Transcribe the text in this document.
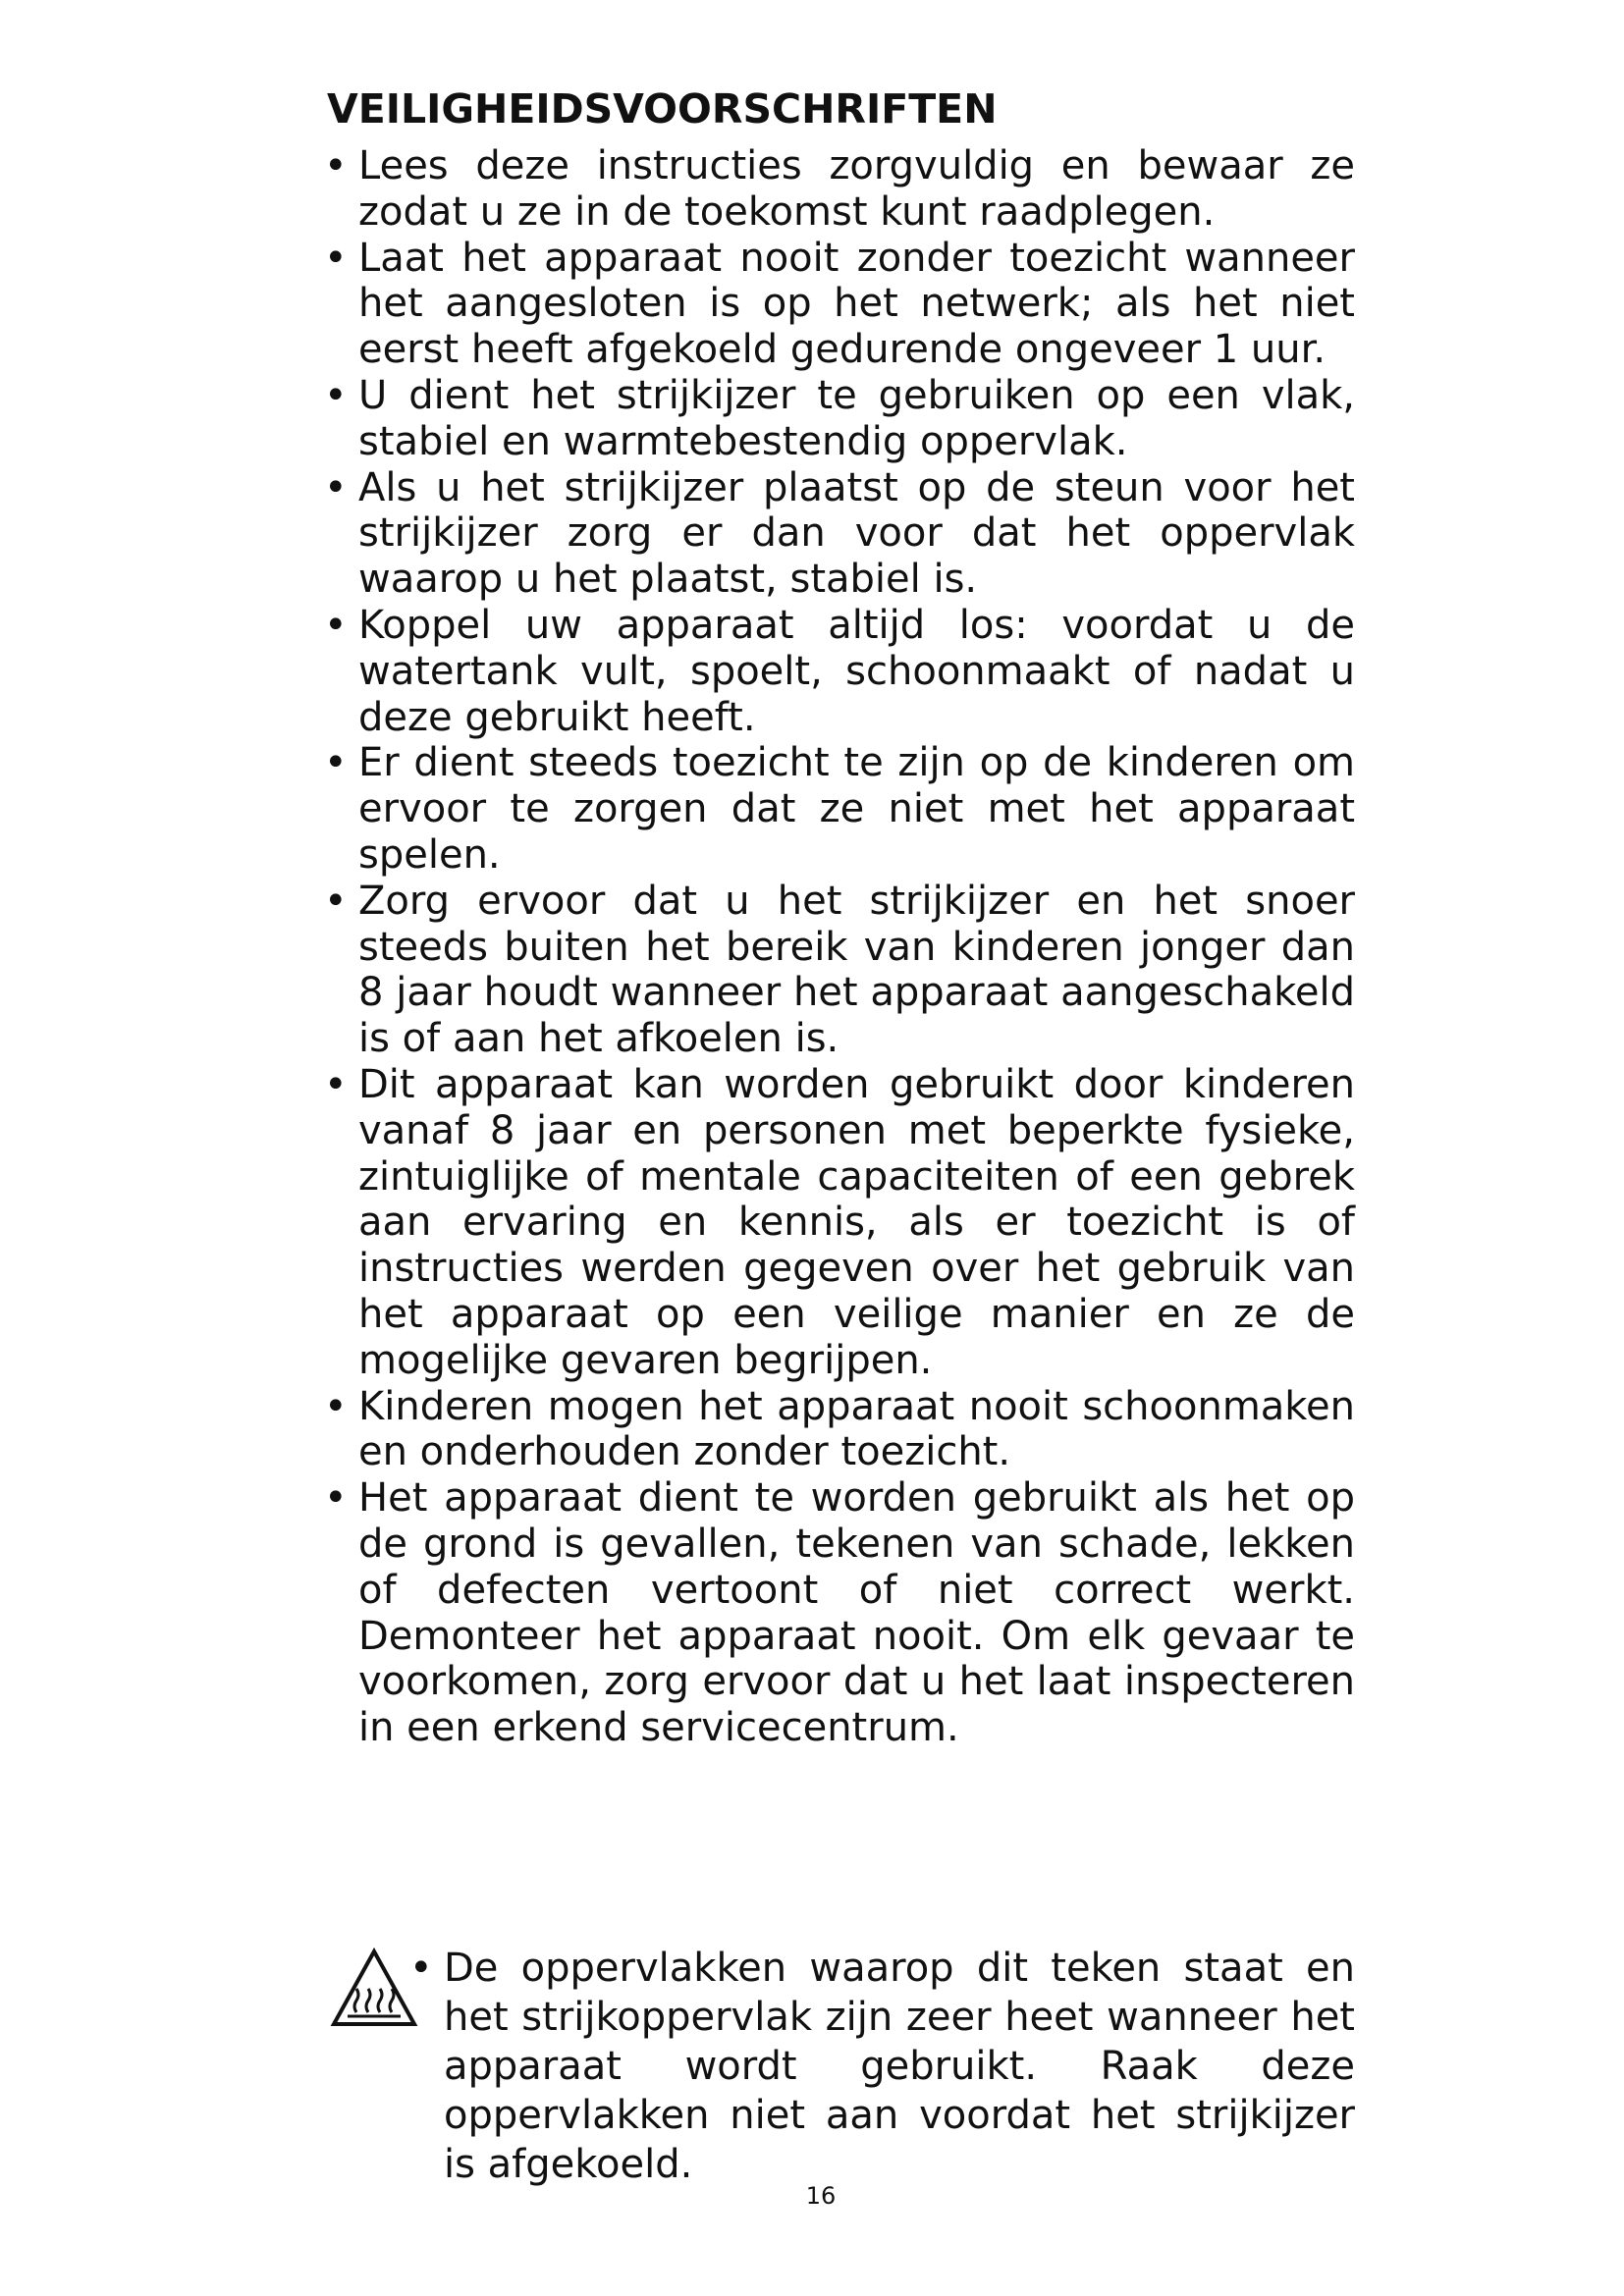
VEILIGHEIDSVOORSCHRIFTEN
• Lees deze instructies zorgvuldig en bewaar ze zodat u ze in de toekomst kunt raadplegen.
• Laat het apparaat nooit zonder toezicht wanneer het aangesloten is op het netwerk; als het niet eerst heeft afgekoeld gedurende ongeveer 1 uur.
• U dient het strijkijzer te gebruiken op een vlak, stabiel en warmtebestendig oppervlak.
• Als u het strijkijzer plaatst op de steun voor het strijkijzer zorg er dan voor dat het oppervlak waarop u het plaatst, stabiel is.
• Koppel uw apparaat altijd los: voordat u de watertank vult, spoelt, schoonmaakt of nadat u deze gebruikt heeft.
• Er dient steeds toezicht te zijn op de kinderen om ervoor te zorgen dat ze niet met het apparaat spelen.
• Zorg ervoor dat u het strijkijzer en het snoer steeds buiten het bereik van kinderen jonger dan 8 jaar houdt wanneer het apparaat aangeschakeld is of aan het afkoelen is.
• Dit apparaat kan worden gebruikt door kinderen vanaf 8 jaar en personen met beperkte fysieke, zintuiglijke of mentale capaciteiten of een gebrek aan ervaring en kennis, als er toezicht is of instructies werden gegeven over het gebruik van het apparaat op een veilige manier en ze de mogelijke gevaren begrijpen.
• Kinderen mogen het apparaat nooit schoonmaken en onderhouden zonder toezicht.
• Het apparaat dient te worden gebruikt als het op de grond is gevallen, tekenen van schade, lekken of defecten vertoont of niet correct werkt. Demonteer het apparaat nooit. Om elk gevaar te voorkomen, zorg ervoor dat u het laat inspecteren in een erkend servicecentrum.
• De oppervlakken waarop dit teken staat en het strijkoppervlak zijn zeer heet wanneer het apparaat wordt gebruikt. Raak deze oppervlakken niet aan voordat het strijkijzer is afgekoeld.
16
